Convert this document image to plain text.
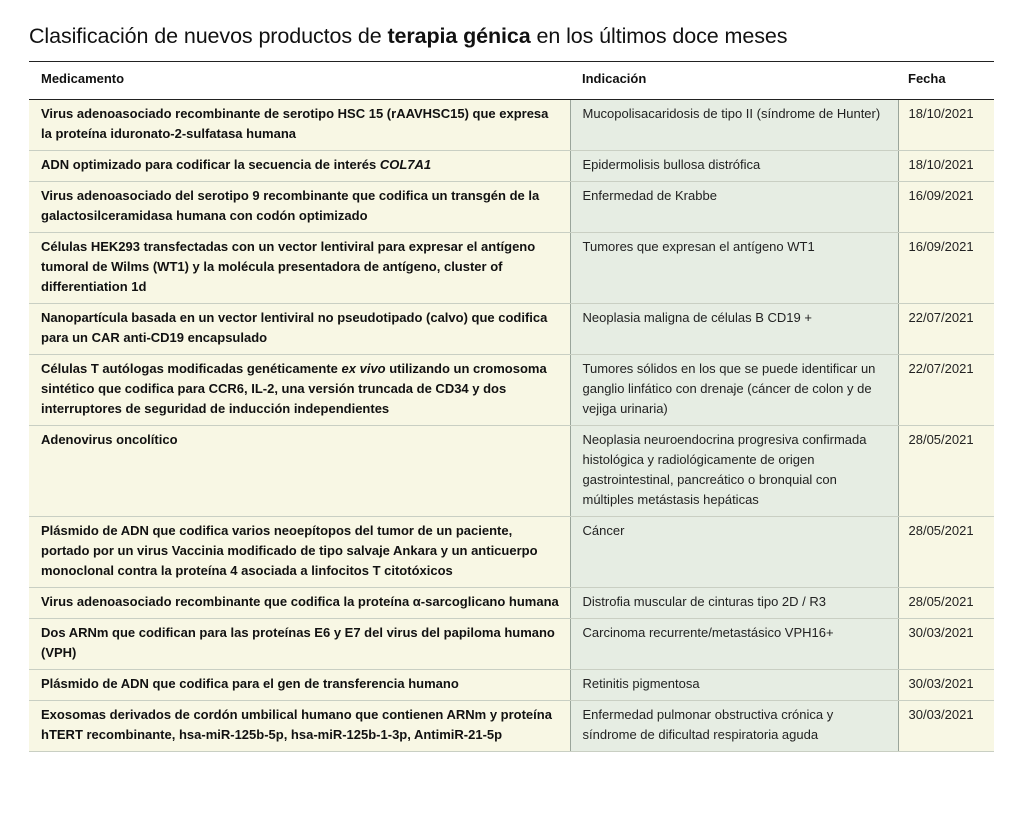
Clasificación de nuevos productos de terapia génica en los últimos doce meses
Medicamento	Indicación	Fecha
Virus adenoasociado recombinante de serotipo HSC 15 (rAAVHSC15) que expresa la proteína iduronato-2-sulfatasa humana	Mucopolisacaridosis de tipo II (síndrome de Hunter)	18/10/2021
ADN optimizado para codificar la secuencia de interés COL7A1	Epidermolisis bullosa distrófica	18/10/2021
Virus adenoasociado del serotipo 9 recombinante que codifica un transgén de la galactosilceramidasa humana con codón optimizado	Enfermedad de Krabbe	16/09/2021
Células HEK293 transfectadas con un vector lentiviral para expresar el antígeno tumoral de Wilms (WT1) y la molécula presentadora de antígeno, cluster of differentiation 1d	Tumores que expresan el antígeno WT1	16/09/2021
Nanopartícula basada en un vector lentiviral no pseudotipado (calvo) que codifica para un CAR anti-CD19 encapsulado	Neoplasia maligna de células B CD19 +	22/07/2021
Células T autólogas modificadas genéticamente ex vivo utilizando un cromosoma sintético que codifica para CCR6, IL-2, una versión truncada de CD34 y dos interruptores de seguridad de inducción independientes	Tumores sólidos en los que se puede identificar un ganglio linfático con drenaje (cáncer de colon y de vejiga urinaria)	22/07/2021
Adenovirus oncolítico	Neoplasia neuroendocrina progresiva confirmada histológica y radiológicamente de origen gastrointestinal, pancreático o bronquial con múltiples metástasis hepáticas	28/05/2021
Plásmido de ADN que codifica varios neoepítopos del tumor de un paciente, portado por un virus Vaccinia modificado de tipo salvaje Ankara y un anticuerpo monoclonal contra la proteína 4 asociada a linfocitos T citotóxicos	Cáncer	28/05/2021
Virus adenoasociado recombinante que codifica la proteína α-sarcoglicano humana	Distrofia muscular de cinturas tipo 2D / R3	28/05/2021
Dos ARNm que codifican para las proteínas E6 y E7 del virus del papiloma humano (VPH)	Carcinoma recurrente/metastásico VPH16+	30/03/2021
Plásmido de ADN que codifica para el gen de transferencia humano	Retinitis pigmentosa	30/03/2021
Exosomas derivados de cordón umbilical humano que contienen ARNm y proteína hTERT recombinante, hsa-miR-125b-5p, hsa-miR-125b-1-3p, AntimiR-21-5p	Enfermedad pulmonar obstructiva crónica y síndrome de dificultad respiratoria aguda	30/03/2021
